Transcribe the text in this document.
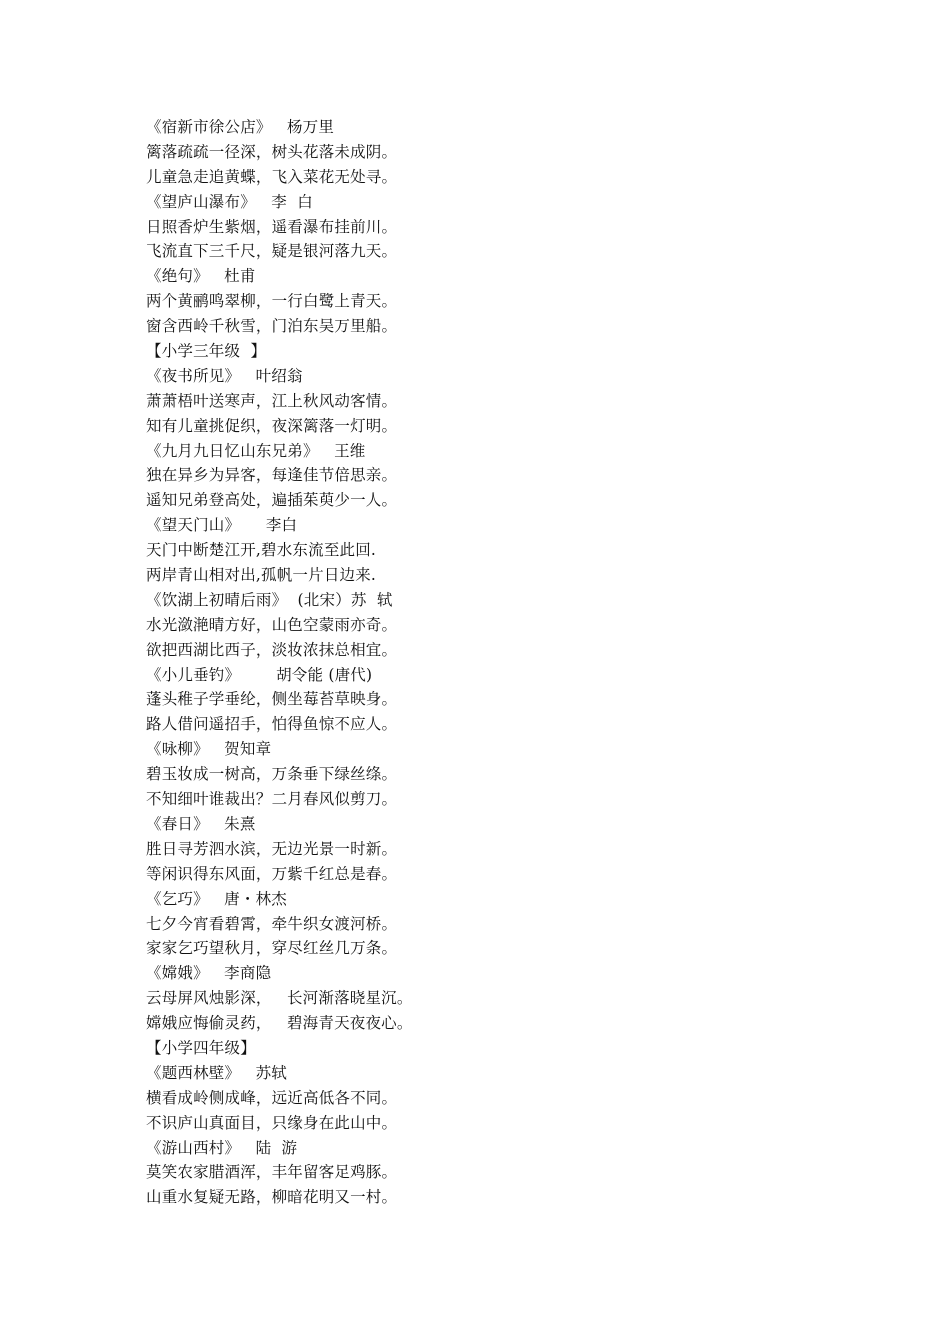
《宿新市徐公店》   杨万里
篱落疏疏一径深，树头花落未成阴。
儿童急走追黄蝶，飞入菜花无处寻。
《望庐山瀑布》   李  白
日照香炉生紫烟，遥看瀑布挂前川。
飞流直下三千尺，疑是银河落九天。
《绝句》   杜甫
两个黄鹂鸣翠柳，一行白鹭上青天。
窗含西岭千秋雪，门泊东吴万里船。
【小学三年级  】
《夜书所见》   叶绍翁
萧萧梧叶送寒声，江上秋风动客情。
知有儿童挑促织，夜深篱落一灯明。
《九月九日忆山东兄弟》   王维
独在异乡为异客，每逢佳节倍思亲。
遥知兄弟登高处，遍插茱萸少一人。
《望天门山》     李白
天门中断楚江开,碧水东流至此回.
两岸青山相对出,孤帆一片日边来.
《饮湖上初晴后雨》  (北宋）苏  轼
水光潋滟晴方好，山色空蒙雨亦奇。
欲把西湖比西子，淡妆浓抹总相宜。
《小儿垂钓》       胡令能 (唐代)
蓬头稚子学垂纶，侧坐莓苔草映身。
路人借问遥招手，怕得鱼惊不应人。
《咏柳》   贺知章
碧玉妆成一树高，万条垂下绿丝绦。
不知细叶谁裁出？二月春风似剪刀。
《春日》   朱熹
胜日寻芳泗水滨，无边光景一时新。
等闲识得东风面，万紫千红总是春。
《乞巧》   唐・林杰
七夕今宵看碧霄，牵牛织女渡河桥。
家家乞巧望秋月，穿尽红丝几万条。
《嫦娥》   李商隐
云母屏风烛影深，   长河渐落晓星沉。
嫦娥应悔偷灵药，   碧海青天夜夜心。
【小学四年级】
《题西林壁》   苏轼
横看成岭侧成峰，远近高低各不同。
不识庐山真面目，只缘身在此山中。
《游山西村》   陆  游
莫笑农家腊酒浑，丰年留客足鸡豚。
山重水复疑无路，柳暗花明又一村。
